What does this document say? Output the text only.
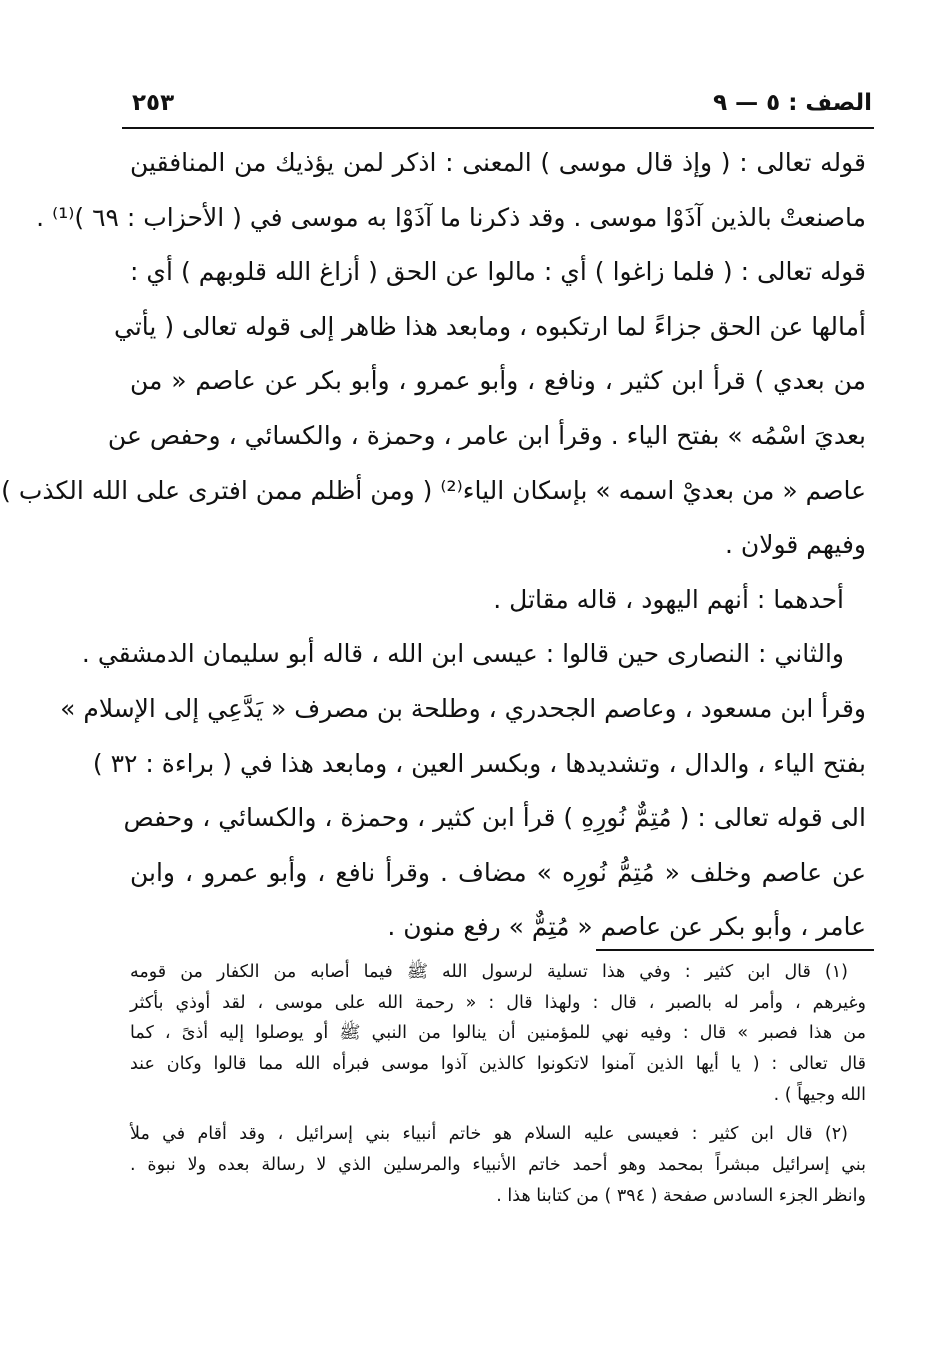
الصف : ٥ — ٩
٢٥٣
قوله تعالى : ( وإذ قال موسى ) المعنى : اذكر لمن يؤذيك من المنافقين
ماصنعتْ بالذين آذَوْا موسى . وقد ذكرنا ما آذَوْا به موسى في ( الأحزاب : ٦٩ )⁽¹⁾ .
قوله تعالى : ( فلما زاغوا ) أي : مالوا عن الحق ( أزاغ الله قلوبهم ) أي :
أمالها عن الحق جزاءً لما ارتكبوه ، ومابعد هذا ظاهر إلى قوله تعالى ( يأتي
من بعدي ) قرأ ابن كثير ، ونافع ، وأبو عمرو ، وأبو بكر عن عاصم « من
بعديَ اسْمُه » بفتح الياء . وقرأ ابن عامر ، وحمزة ، والكسائي ، وحفص عن
عاصم « من بعديْ اسمه » بإسكان الياء⁽²⁾ ( ومن أظلم ممن افترى على الله الكذب )
وفيهم قولان .
أحدهما : أنهم اليهود ، قاله مقاتل .
والثاني : النصارى حين قالوا : عيسى ابن الله ، قاله أبو سليمان الدمشقي .
وقرأ ابن مسعود ، وعاصم الجحدري ، وطلحة بن مصرف « يَدَّعِي إلى الإسلام »
بفتح الياء ، والدال ، وتشديدها ، وبكسر العين ، ومابعد هذا في ( براءة : ٣٢ )
الى قوله تعالى : ( مُتِمٌّ نُورِهِ ) قرأ ابن كثير ، وحمزة ، والكسائي ، وحفص
عن عاصم وخلف « مُتِمُّ نُورِه » مضاف . وقرأ نافع ، وأبو عمرو ، وابن
عامر ، وأبو بكر عن عاصم « مُتِمٌّ » رفع منون .
(١) قال ابن كثير : وفي هذا تسلية لرسول الله ﷺ فيما أصابه من الكفار من قومه
وغيرهم ، وأمر له بالصبر ، قال : ولهذا قال : « رحمة الله على موسى ، لقد أوذي بأكثر
من هذا فصبر » قال : وفيه نهي للمؤمنين أن ينالوا من النبي ﷺ أو يوصلوا إليه أذىً ، كما
قال تعالى : ( يا أيها الذين آمنوا لاتكونوا كالذين آذوا موسى فبرأه الله مما قالوا وكان عند
الله وجيهاً ) .
(٢) قال ابن كثير : فعيسى عليه السلام هو خاتم أنبياء بني إسرائيل ، وقد أقام في ملأ
بني إسرائيل مبشراً بمحمد وهو أحمد خاتم الأنبياء والمرسلين الذي لا رسالة بعده ولا نبوة .
وانظر الجزء السادس صفحة ( ٣٩٤ ) من كتابنا هذا .
